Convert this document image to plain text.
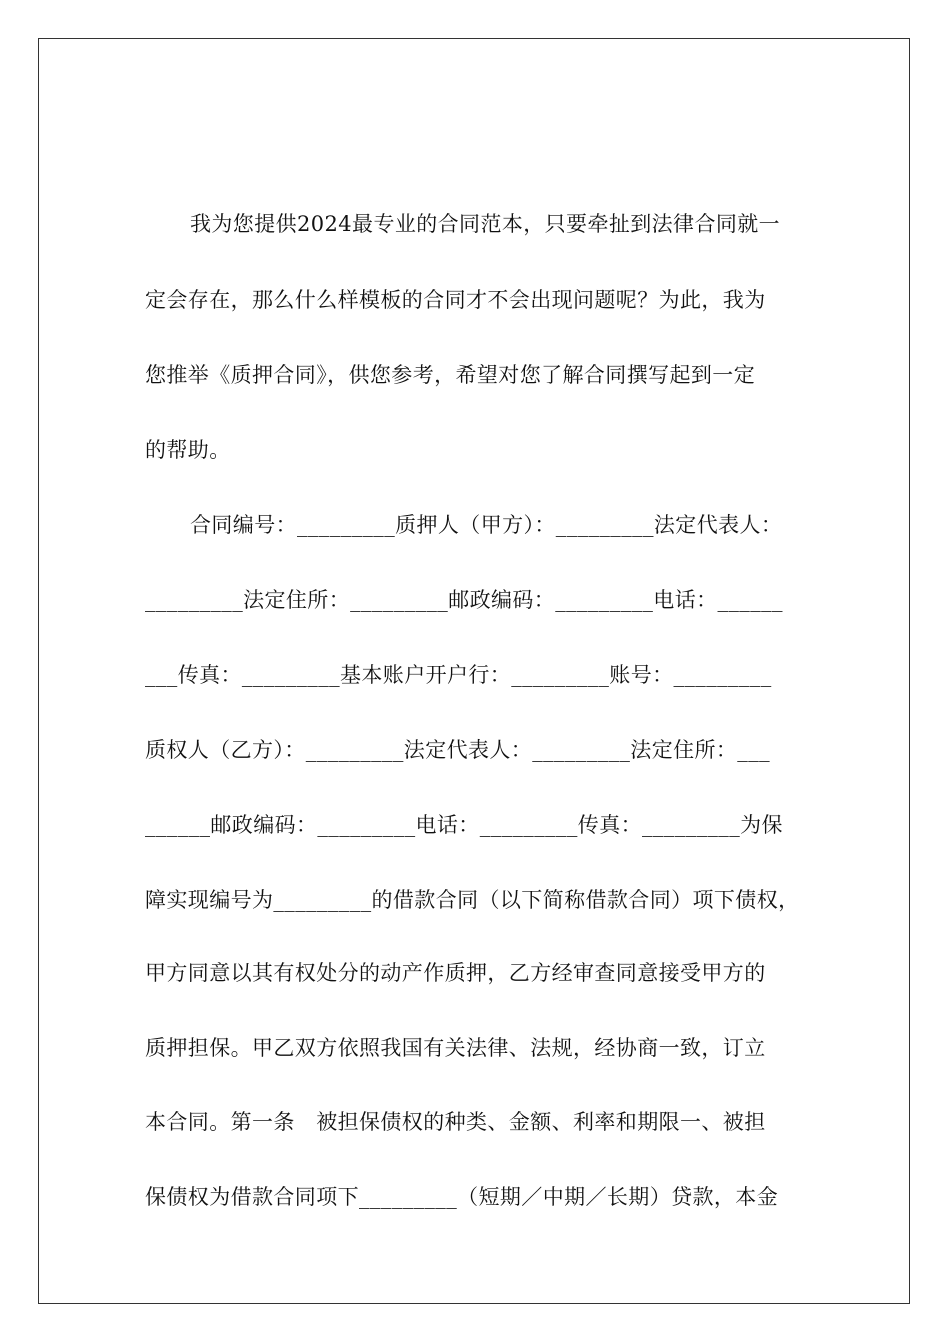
我为您提供2024最专业的合同范本，只要牵扯到法律合同就一
定会存在，那么什么样模板的合同才不会出现问题呢？为此，我为
您推举《质押合同》，供您参考，希望对您了解合同撰写起到一定
的帮助。
合同编号：_________质押人（甲方）：_________法定代表人：
_________法定住所：_________邮政编码：_________电话：______
___传真：_________基本账户开户行：_________账号：_________
质权人（乙方）：_________法定代表人：_________法定住所：___
______邮政编码：_________电话：_________传真：_________为保
障实现编号为_________的借款合同（以下简称借款合同）项下债权，
甲方同意以其有权处分的动产作质押，乙方经审查同意接受甲方的
质押担保。甲乙双方依照我国有关法律、法规，经协商一致，订立
本合同。第一条　被担保债权的种类、金额、利率和期限一、被担
保债权为借款合同项下_________（短期／中期／长期）贷款，本金
